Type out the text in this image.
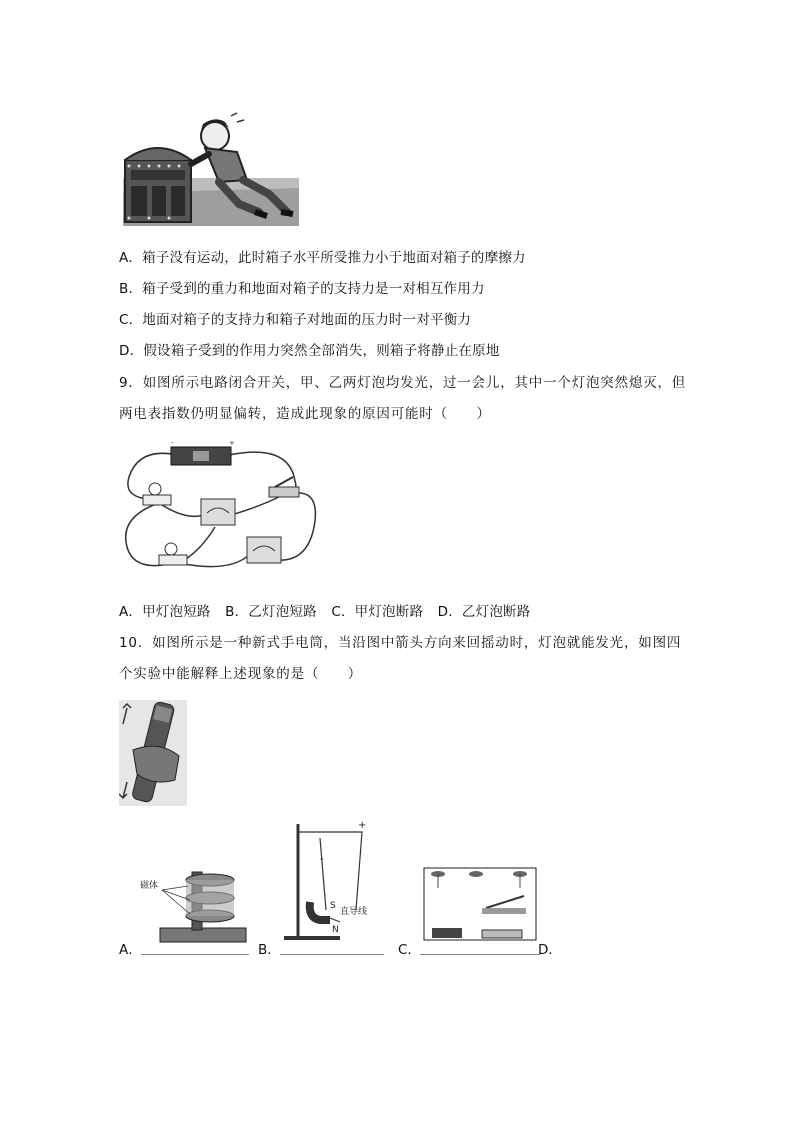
A．箱子没有运动，此时箱子水平所受推力小于地面对箱子的摩擦力
B．箱子受到的重力和地面对箱子的支持力是一对相互作用力
C．地面对箱子的支持力和箱子对地面的压力时一对平衡力
D．假设箱子受到的作用力突然全部消失，则箱子将静止在原地
9．如图所示电路闭合开关，甲、乙两灯泡均发光，过一会儿，其中一个灯泡突然熄灭，但
两电表指数仍明显偏转，造成此现象的原因可能时（　　）
-	+
A．甲灯泡短路 B．乙灯泡短路 C．甲灯泡断路 D．乙灯泡断路
10．如图所示是一种新式手电筒，当沿图中箭头方向来回摇动时，灯泡就能发光，如图四
个实验中能解释上述现象的是（　　）
磁体
+
-
S
N
直导线
A．	B．	C．	D．
